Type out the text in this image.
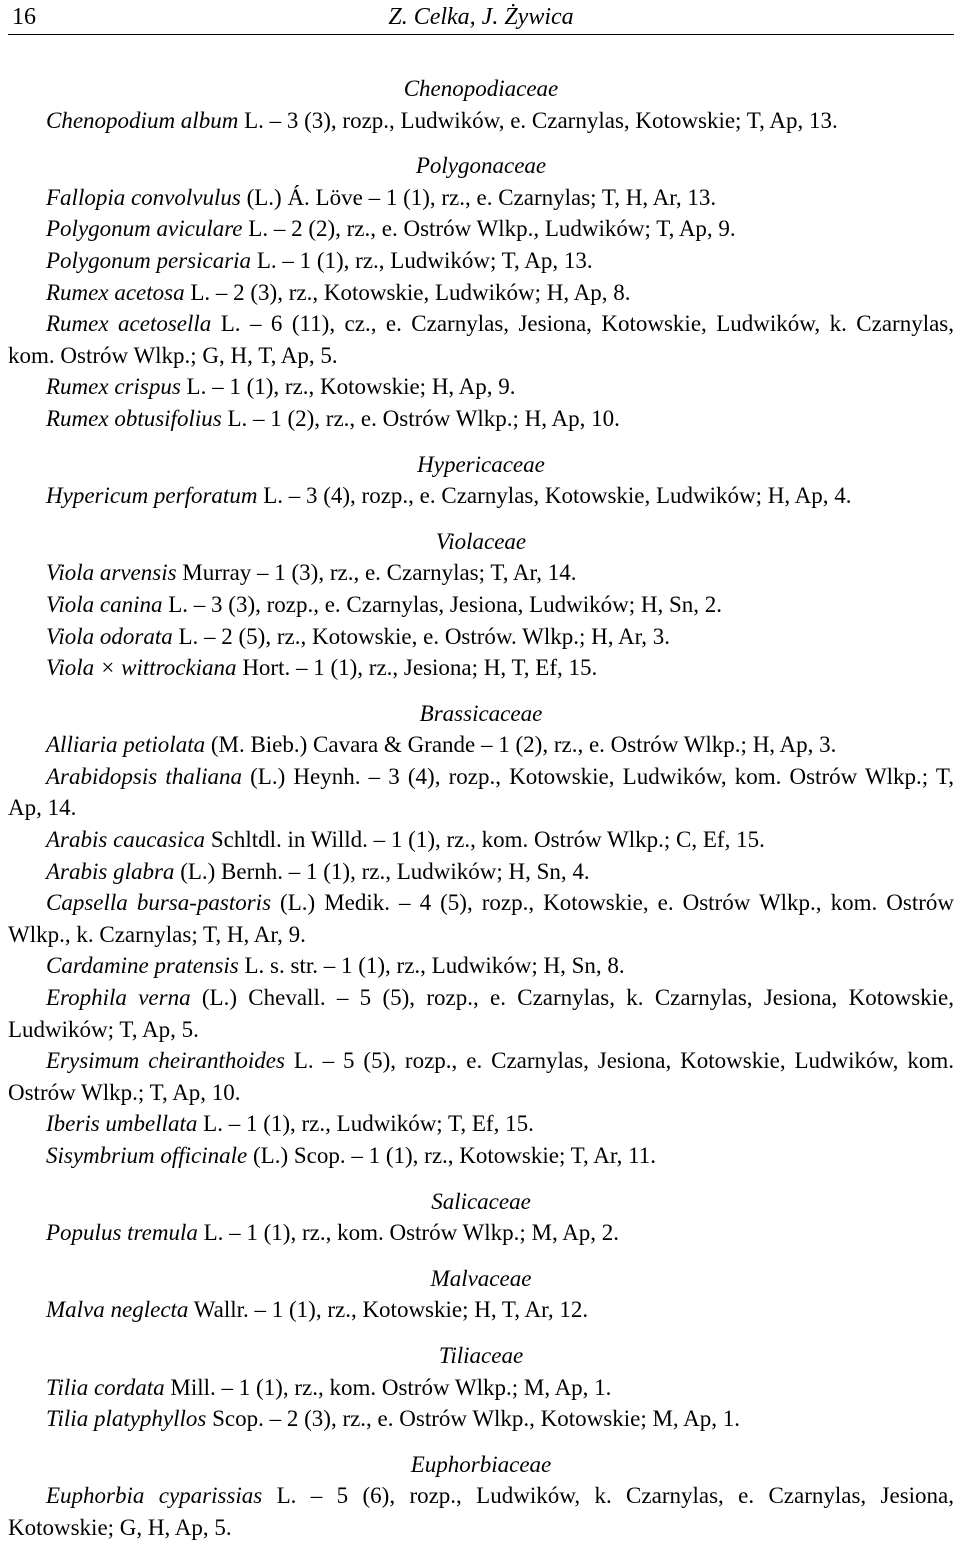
16	Z. Celka, J. Żywica
Chenopodiaceae

Chenopodium album L. – 3 (3), rozp., Ludwików, e. Czarnylas, Kotowskie; T, Ap, 13.

Polygonaceae

Fallopia convolvulus (L.) Á. Löve – 1 (1), rz., e. Czarnylas; T, H, Ar, 13.

Polygonum aviculare L. – 2 (2), rz., e. Ostrów Wlkp., Ludwików; T, Ap, 9.

Polygonum persicaria L. – 1 (1), rz., Ludwików; T, Ap, 13.

Rumex acetosa L. – 2 (3), rz., Kotowskie, Ludwików; H, Ap, 8.

Rumex acetosella L. – 6 (11), cz., e. Czarnylas, Jesiona, Kotowskie, Ludwików, k. Czarnylas, kom. Ostrów Wlkp.; G, H, T, Ap, 5.

Rumex crispus L. – 1 (1), rz., Kotowskie; H, Ap, 9.

Rumex obtusifolius L. – 1 (2), rz., e. Ostrów Wlkp.; H, Ap, 10.

Hypericaceae

Hypericum perforatum L. – 3 (4), rozp., e. Czarnylas, Kotowskie, Ludwików; H, Ap, 4.

Violaceae

Viola arvensis Murray – 1 (3), rz., e. Czarnylas; T, Ar, 14.

Viola canina L. – 3 (3), rozp., e. Czarnylas, Jesiona, Ludwików; H, Sn, 2.

Viola odorata L. – 2 (5), rz., Kotowskie, e. Ostrów. Wlkp.; H, Ar, 3.

Viola × wittrockiana Hort. – 1 (1), rz., Jesiona; H, T, Ef, 15.

Brassicaceae

Alliaria petiolata (M. Bieb.) Cavara & Grande – 1 (2), rz., e. Ostrów Wlkp.; H, Ap, 3.

Arabidopsis thaliana (L.) Heynh. – 3 (4), rozp., Kotowskie, Ludwików, kom. Ostrów Wlkp.; T, Ap, 14.

Arabis caucasica Schltdl. in Willd. – 1 (1), rz., kom. Ostrów Wlkp.; C, Ef, 15.

Arabis glabra (L.) Bernh. – 1 (1), rz., Ludwików; H, Sn, 4.

Capsella bursa-pastoris (L.) Medik. – 4 (5), rozp., Kotowskie, e. Ostrów Wlkp., kom. Ostrów Wlkp., k. Czarnylas; T, H, Ar, 9.

Cardamine pratensis L. s. str. – 1 (1), rz., Ludwików; H, Sn, 8.

Erophila verna (L.) Chevall. – 5 (5), rozp., e. Czarnylas, k. Czarnylas, Jesiona, Kotowskie, Ludwików; T, Ap, 5.

Erysimum cheiranthoides L. – 5 (5), rozp., e. Czarnylas, Jesiona, Kotowskie, Ludwików, kom. Ostrów Wlkp.; T, Ap, 10.

Iberis umbellata L. – 1 (1), rz., Ludwików; T, Ef, 15.

Sisymbrium officinale (L.) Scop. – 1 (1), rz., Kotowskie; T, Ar, 11.

Salicaceae

Populus tremula L. – 1 (1), rz., kom. Ostrów Wlkp.; M, Ap, 2.

Malvaceae

Malva neglecta Wallr. – 1 (1), rz., Kotowskie; H, T, Ar, 12.

Tiliaceae

Tilia cordata Mill. – 1 (1), rz., kom. Ostrów Wlkp.; M, Ap, 1.

Tilia platyphyllos Scop. – 2 (3), rz., e. Ostrów Wlkp., Kotowskie; M, Ap, 1.

Euphorbiaceae

Euphorbia cyparissias L. – 5 (6), rozp., Ludwików, k. Czarnylas, e. Czarnylas, Jesiona, Kotowskie; G, H, Ap, 5.
